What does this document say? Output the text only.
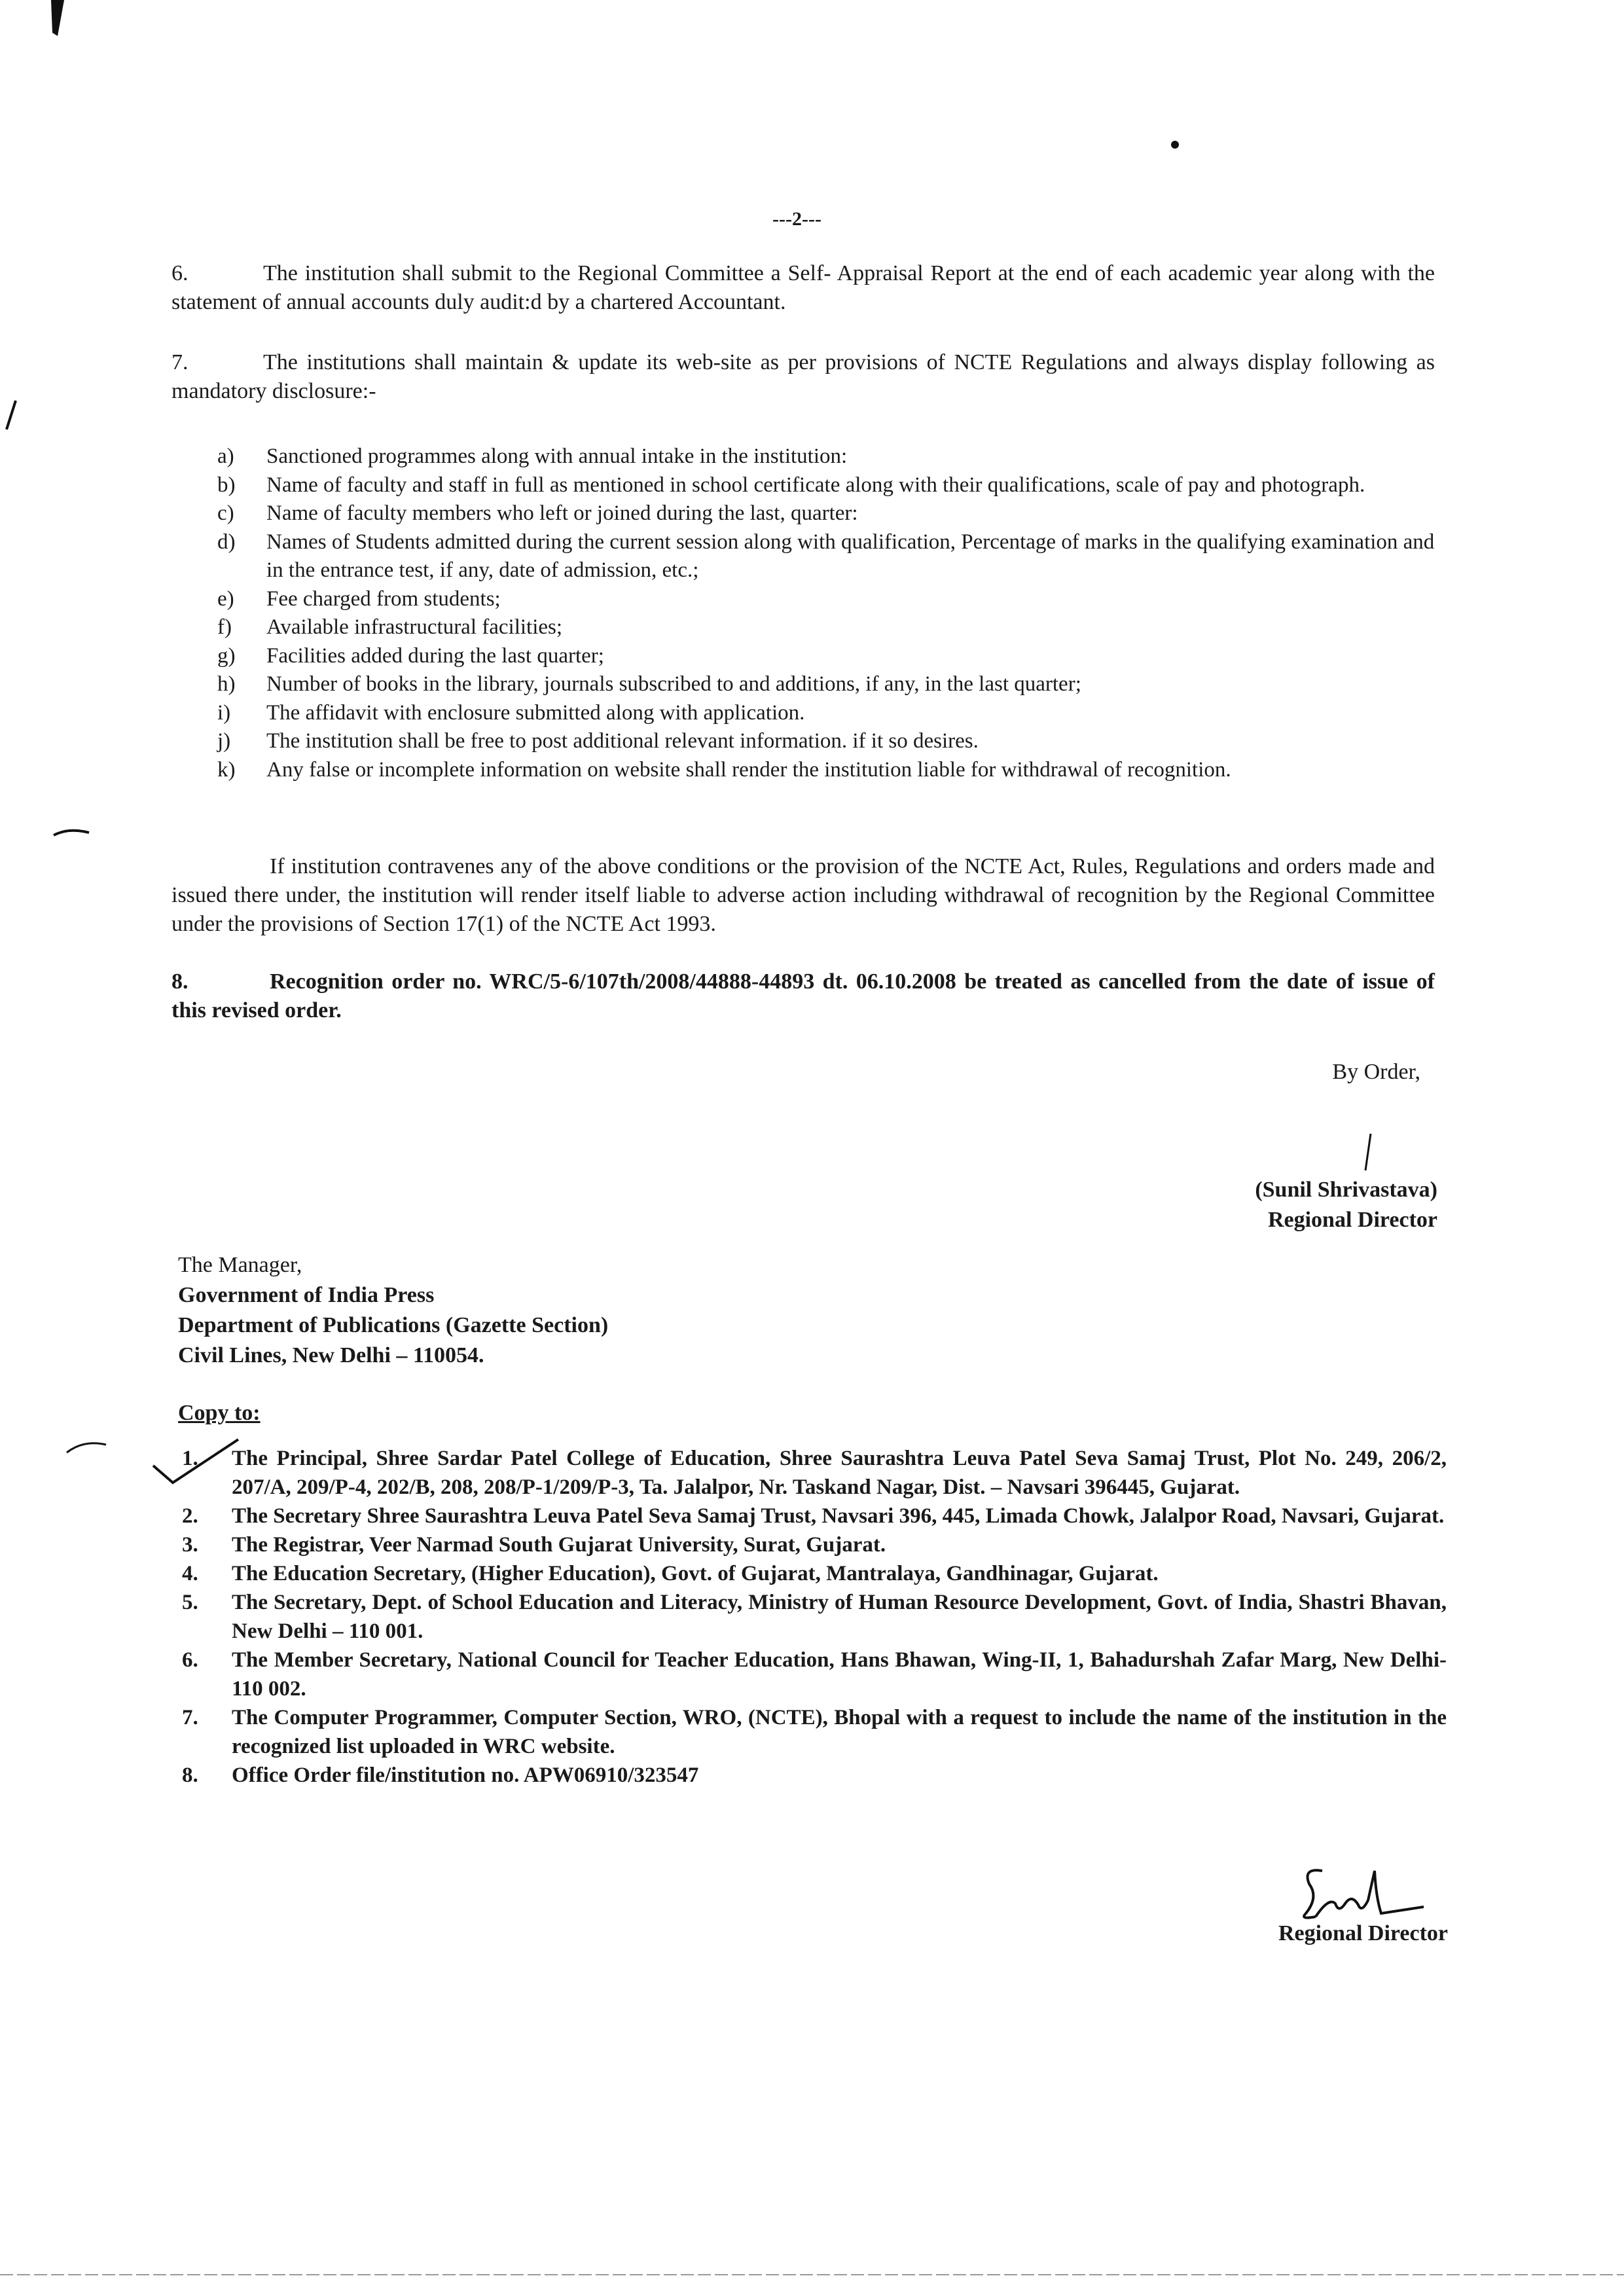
---2---
6.	The institution shall submit to the Regional Committee a Self- Appraisal Report at the end of each academic year along with the statement of annual accounts duly audit:d by a chartered Accountant.
7.	The institutions shall maintain & update its web-site as per provisions of NCTE Regulations and always display following as mandatory disclosure:-
a) Sanctioned programmes along with annual intake in the institution:
b) Name of faculty and staff in full as mentioned in school certificate along with their qualifications, scale of pay and photograph.
c) Name of faculty members who left or joined during the last, quarter:
d) Names of Students admitted during the current session along with qualification, Percentage of marks in the qualifying examination and in the entrance test, if any, date of admission, etc.;
e) Fee charged from students;
f) Available infrastructural facilities;
g) Facilities added during the last quarter;
h) Number of books in the library, journals subscribed to and additions, if any, in the last quarter;
i) The affidavit with enclosure submitted along with application.
j) The institution shall be free to post additional relevant information. if it so desires.
k) Any false or incomplete information on website shall render the institution liable for withdrawal of recognition.
If institution contravenes any of the above conditions or the provision of the NCTE Act, Rules, Regulations and orders made and issued there under, the institution will render itself liable to adverse action including withdrawal of recognition by the Regional Committee under the provisions of Section 17(1) of the NCTE Act 1993.
8.	Recognition order no. WRC/5-6/107th/2008/44888-44893 dt. 06.10.2008 be treated as cancelled from the date of issue of this revised order.
By Order,
(Sunil Shrivastava)
Regional Director
The Manager,
Government of India Press
Department of Publications (Gazette Section)
Civil Lines, New Delhi – 110054.
Copy to:
1. The Principal, Shree Sardar Patel College of Education, Shree Saurashtra Leuva Patel Seva Samaj Trust, Plot No. 249, 206/2, 207/A, 209/P-4, 202/B, 208, 208/P-1/209/P-3, Ta. Jalalpor, Nr. Taskand Nagar, Dist. – Navsari 396445, Gujarat.
2. The Secretary Shree Saurashtra Leuva Patel Seva Samaj Trust, Navsari 396, 445, Limada Chowk, Jalalpor Road, Navsari, Gujarat.
3. The Registrar, Veer Narmad South Gujarat University, Surat, Gujarat.
4. The Education Secretary, (Higher Education), Govt. of Gujarat, Mantralaya, Gandhinagar, Gujarat.
5. The Secretary, Dept. of School Education and Literacy, Ministry of Human Resource Development, Govt. of India, Shastri Bhavan, New Delhi – 110 001.
6. The Member Secretary, National Council for Teacher Education, Hans Bhawan, Wing-II, 1, Bahadurshah Zafar Marg, New Delhi-110 002.
7. The Computer Programmer, Computer Section, WRO, (NCTE), Bhopal with a request to include the name of the institution in the recognized list uploaded in WRC website.
8. Office Order file/institution no. APW06910/323547
Regional Director
